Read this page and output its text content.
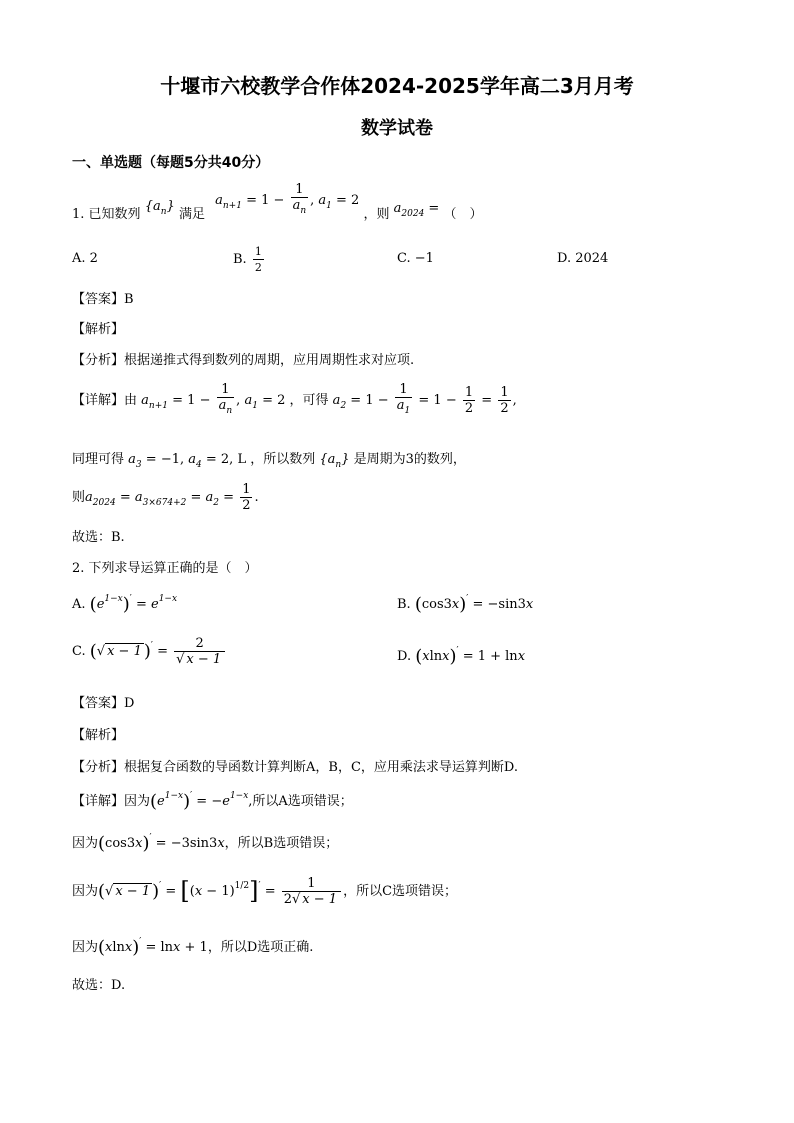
十堰市六校教学合作体2024-2025学年高二3月月考
数学试卷
一、单选题（每题5分共40分）
1. 已知数列 $\{a_n\}$ 满足 $a_{n+1} = 1 - \frac{1}{a_n}$ , $a_1 = 2$ ，则 $a_{2024}$ = （　）
A. 2	B. $\frac{1}{2}$	C. −1	D. 2024
【答案】B
【解析】
【分析】根据递推式得到数列的周期，应用周期性求对应项.
【详解】由 $a_{n+1} = 1 - \frac{1}{a_n}$ , $a_1 = 2$ ，可得 $a_2 = 1 - \frac{1}{a_1} = 1 - \frac{1}{2} = \frac{1}{2}$ ,
同理可得 $a_3 = -1$, $a_4 = 2$, L ，所以数列 $\{a_n\}$ 是周期为3的数列，
则$a_{2024} = a_{3\times 674+2} = a_2 = \frac{1}{2}$ .
故选：B.
2. 下列求导运算正确的是（　）
A. $(e^{1-x})' = e^{1-x}$	B. (cos3x)′ = −sin3x
C. (√ x − 1 )$' = \frac{2}{√ x - 1}$	D. (xlnx)′ = 1 + lnx
【答案】D
【解析】
【分析】根据复合函数的导函数计算判断A，B，C，应用乘法求导运算判断D.
【详解】因为$(e^{1-x})' = -e^{1-x}$,所以A选项错误；
因为(cos3x)′ = −3sin3x，所以B选项错误；
因为(√ x − 1 )$' = [(x - 1)^{1/2}]' = \frac{1}{2√ x - 1}$ ，所以C选项错误；
因为(xlnx)′ = lnx + 1，所以D选项正确.
故选：D.
